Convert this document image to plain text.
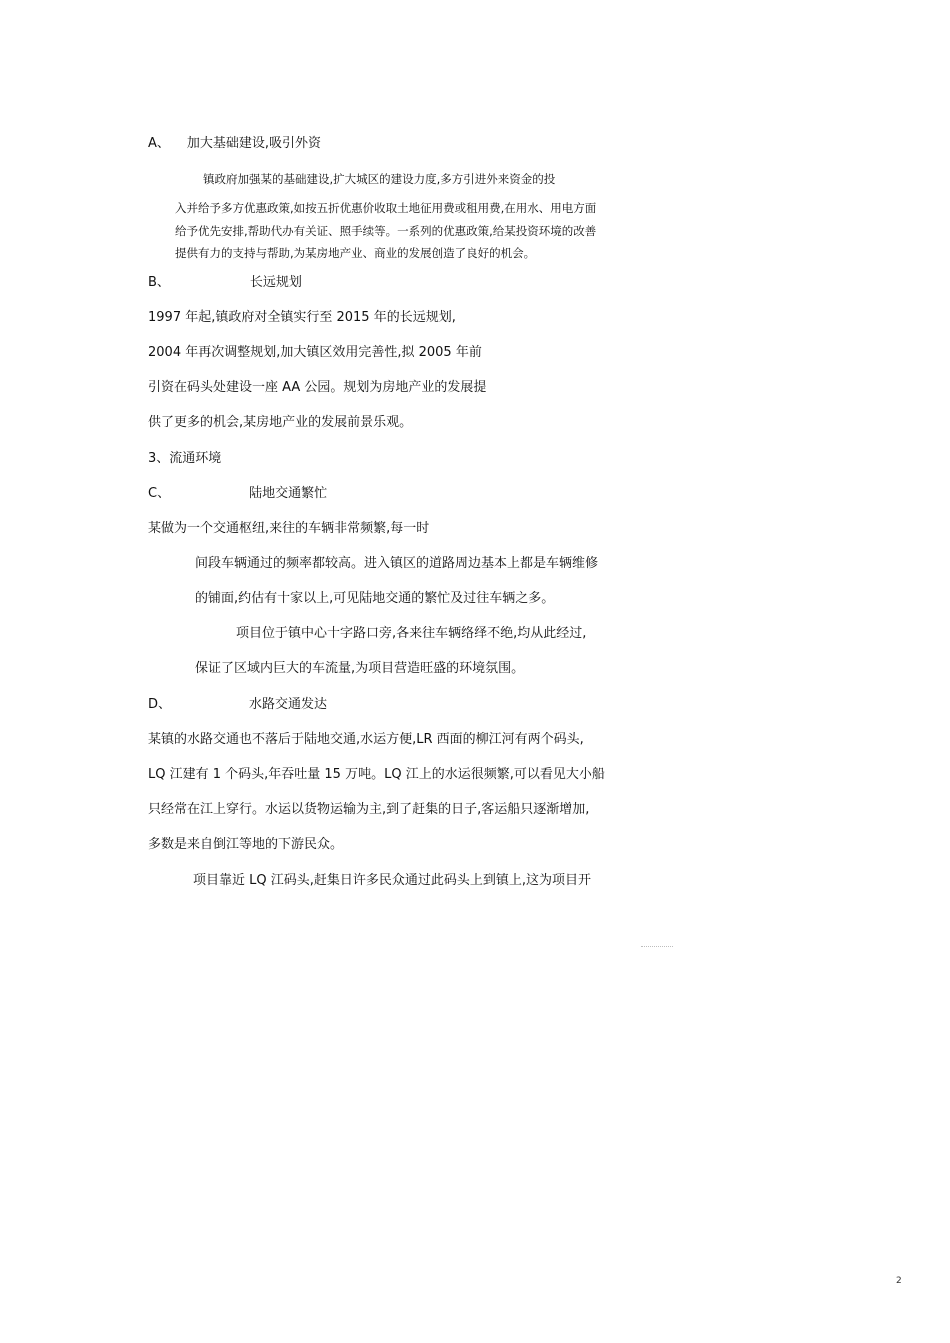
A、 加大基础建设,吸引外资
镇政府加强某的基础建设,扩大城区的建设力度,多方引进外来资金的投
入并给予多方优惠政策,如按五折优惠价收取土地征用费或租用费,在用水、用电方面
给予优先安排,帮助代办有关证、照手续等。一系列的优惠政策,给某投资环境的改善
提供有力的支持与帮助,为某房地产业、商业的发展创造了良好的机会。
B、	长远规划
1997 年起,镇政府对全镇实行至 2015 年的长远规划,
2004 年再次调整规划,加大镇区效用完善性,拟 2005 年前
引资在码头处建设一座 AA 公园。规划为房地产业的发展提
供了更多的机会,某房地产业的发展前景乐观。
3、流通环境
C、	陆地交通繁忙
某做为一个交通枢纽,来往的车辆非常频繁,每一时
间段车辆通过的频率都较高。进入镇区的道路周边基本上都是车辆维修
的铺面,约估有十家以上,可见陆地交通的繁忙及过往车辆之多。
项目位于镇中心十字路口旁,各来往车辆络绎不绝,均从此经过,
保证了区域内巨大的车流量,为项目营造旺盛的环境氛围。
D、	水路交通发达
某镇的水路交通也不落后于陆地交通,水运方便,LR 西面的柳江河有两个码头,
LQ 江建有 1 个码头,年吞吐量 15 万吨。LQ 江上的水运很频繁,可以看见大小船
只经常在江上穿行。水运以货物运输为主,到了赶集的日子,客运船只逐渐增加,
多数是来自倒江等地的下游民众。
项目靠近 LQ 江码头,赶集日许多民众通过此码头上到镇上,这为项目开
2
